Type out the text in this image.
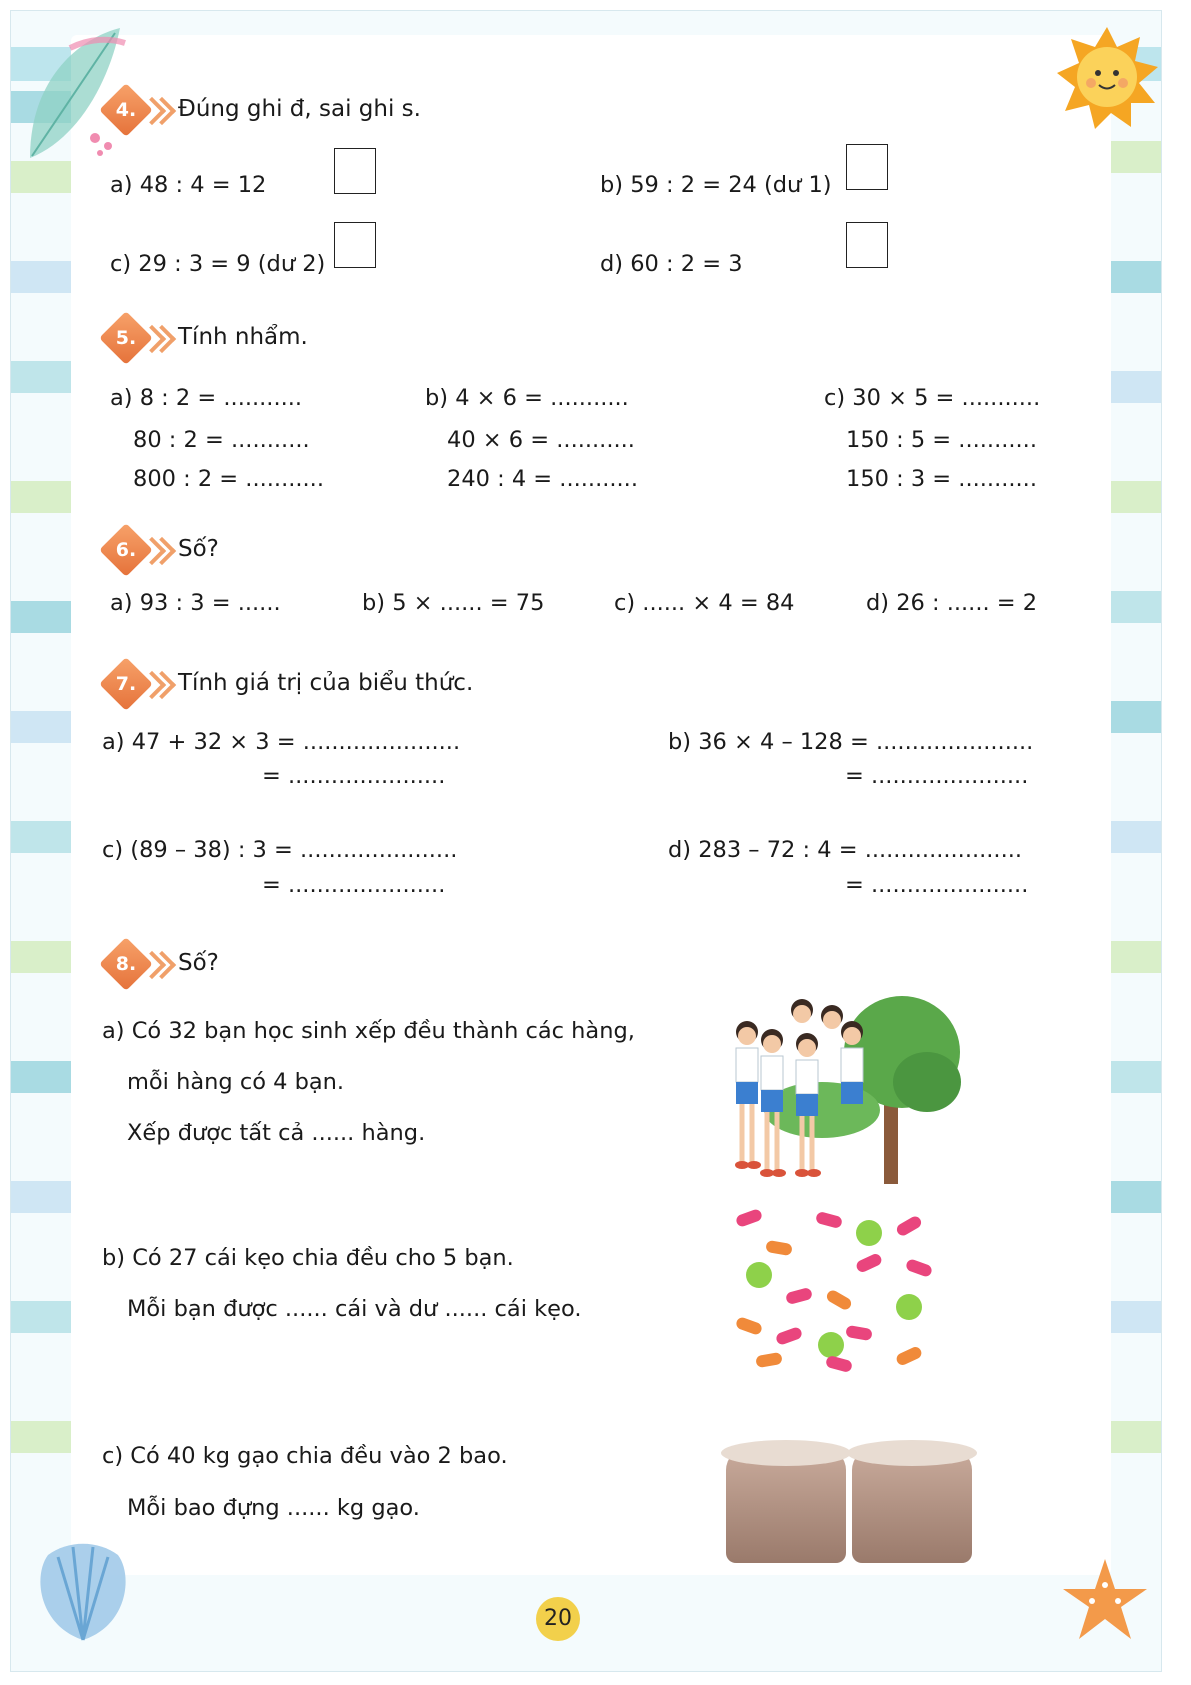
4.	Đúng ghi đ, sai ghi s.
a) 48 : 4 = 12	b) 59 : 2 = 24 (dư 1)
c) 29 : 3 = 9 (dư 2)	d) 60 : 2 = 3
5.	Tính nhẩm.
a) 8 : 2 = ...........
80 : 2 = ...........
800 : 2 = ...........
b) 4 × 6 = ...........
40 × 6 = ...........
240 : 4 = ...........
c) 30 × 5 = ...........
150 : 5 = ...........
150 : 3 = ...........
6.	Số?
a) 93 : 3 = ......	b) 5 × ...... = 75	c) ...... × 4 = 84	d) 26 : ...... = 2
7.	Tính giá trị của biểu thức.
a) 47 + 32 × 3 = ......................
= ......................
b) 36 × 4 – 128 = ......................
= ......................
c) (89 – 38) : 3 = ......................
= ......................
d) 283 – 72 : 4 = ......................
= ......................
8.	Số?
a) Có 32 bạn học sinh xếp đều thành các hàng,
mỗi hàng có 4 bạn.
Xếp được tất cả ...... hàng.
b) Có 27 cái kẹo chia đều cho 5 bạn.
Mỗi bạn được ...... cái và dư ...... cái kẹo.
c) Có 40 kg gạo chia đều vào 2 bao.
Mỗi bao đựng ...... kg gạo.
20
